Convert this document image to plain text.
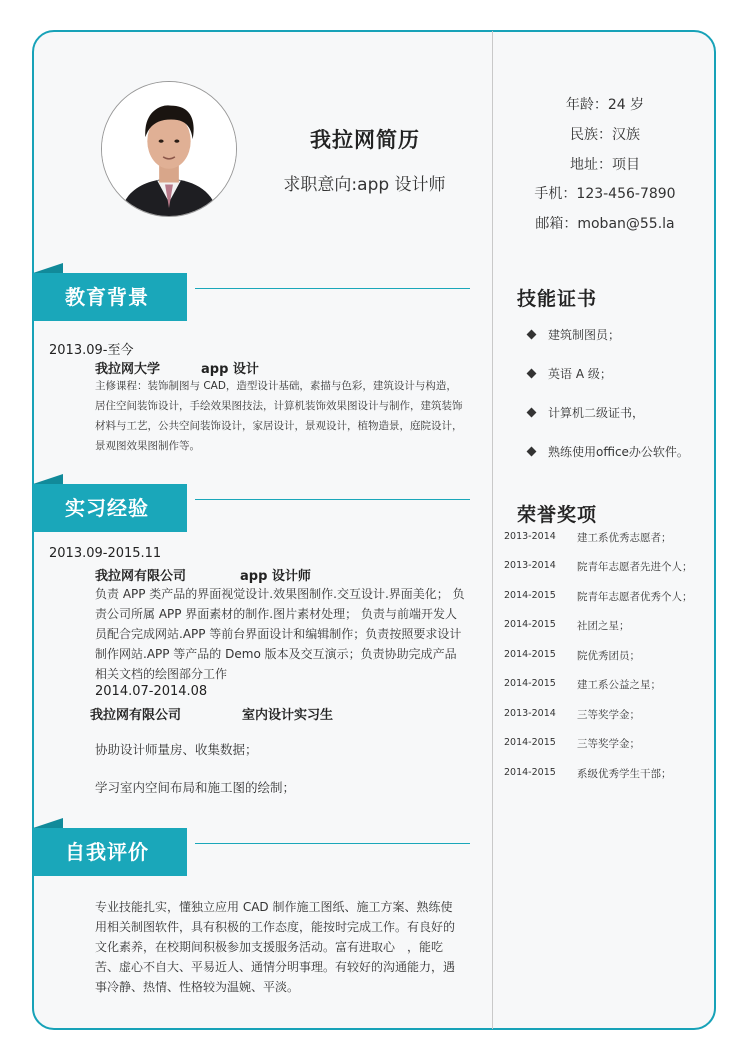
我拉网简历
求职意向:app 设计师
年龄：24 岁
民族：汉族
地址：项目
手机：123-456-7890
邮箱：moban@55.la
教育背景
2013.09-至今
我拉网大学	app 设计
主修课程：装饰制图与 CAD，造型设计基础，素描与色彩，建筑设计与构造，居住空间装饰设计，手绘效果图技法，计算机装饰效果图设计与制作，建筑装饰材料与工艺，公共空间装饰设计，家居设计，景观设计，植物造景，庭院设计，景观图效果图制作等。
实习经验
2013.09-2015.11
我拉网有限公司	app 设计师
负责 APP 类产品的界面视觉设计.效果图制作.交互设计.界面美化； 负责公司所属 APP 界面素材的制作.图片素材处理； 负责与前端开发人员配合完成网站.APP 等前台界面设计和编辑制作；负责按照要求设计制作网站.APP 等产品的 Demo 版本及交互演示；负责协助完成产品相关文档的绘图部分工作
2014.07-2014.08
我拉网有限公司	室内设计实习生
协助设计师量房、收集数据；
学习室内空间布局和施工图的绘制；
自我评价
专业技能扎实，懂独立应用 CAD 制作施工图纸、施工方案、熟练使用相关制图软件，具有积极的工作态度，能按时完成工作。有良好的文化素养，在校期间积极参加支援服务活动。富有进取心　，能吃苦、虚心不自大、平易近人、通情分明事理。有较好的沟通能力，遇事冷静、热情、性格较为温婉、平淡。
技能证书
建筑制图员；
英语 A 级；
计算机二级证书，
熟练使用office办公软件。
荣誉奖项
2013-2014 建工系优秀志愿者；
2013-2014 院青年志愿者先进个人；
2014-2015 院青年志愿者优秀个人；
2014-2015 社团之星；
2014-2015 院优秀团员；
2014-2015 建工系公益之星；
2013-2014 三等奖学金；
2014-2015 三等奖学金；
2014-2015 系级优秀学生干部；
